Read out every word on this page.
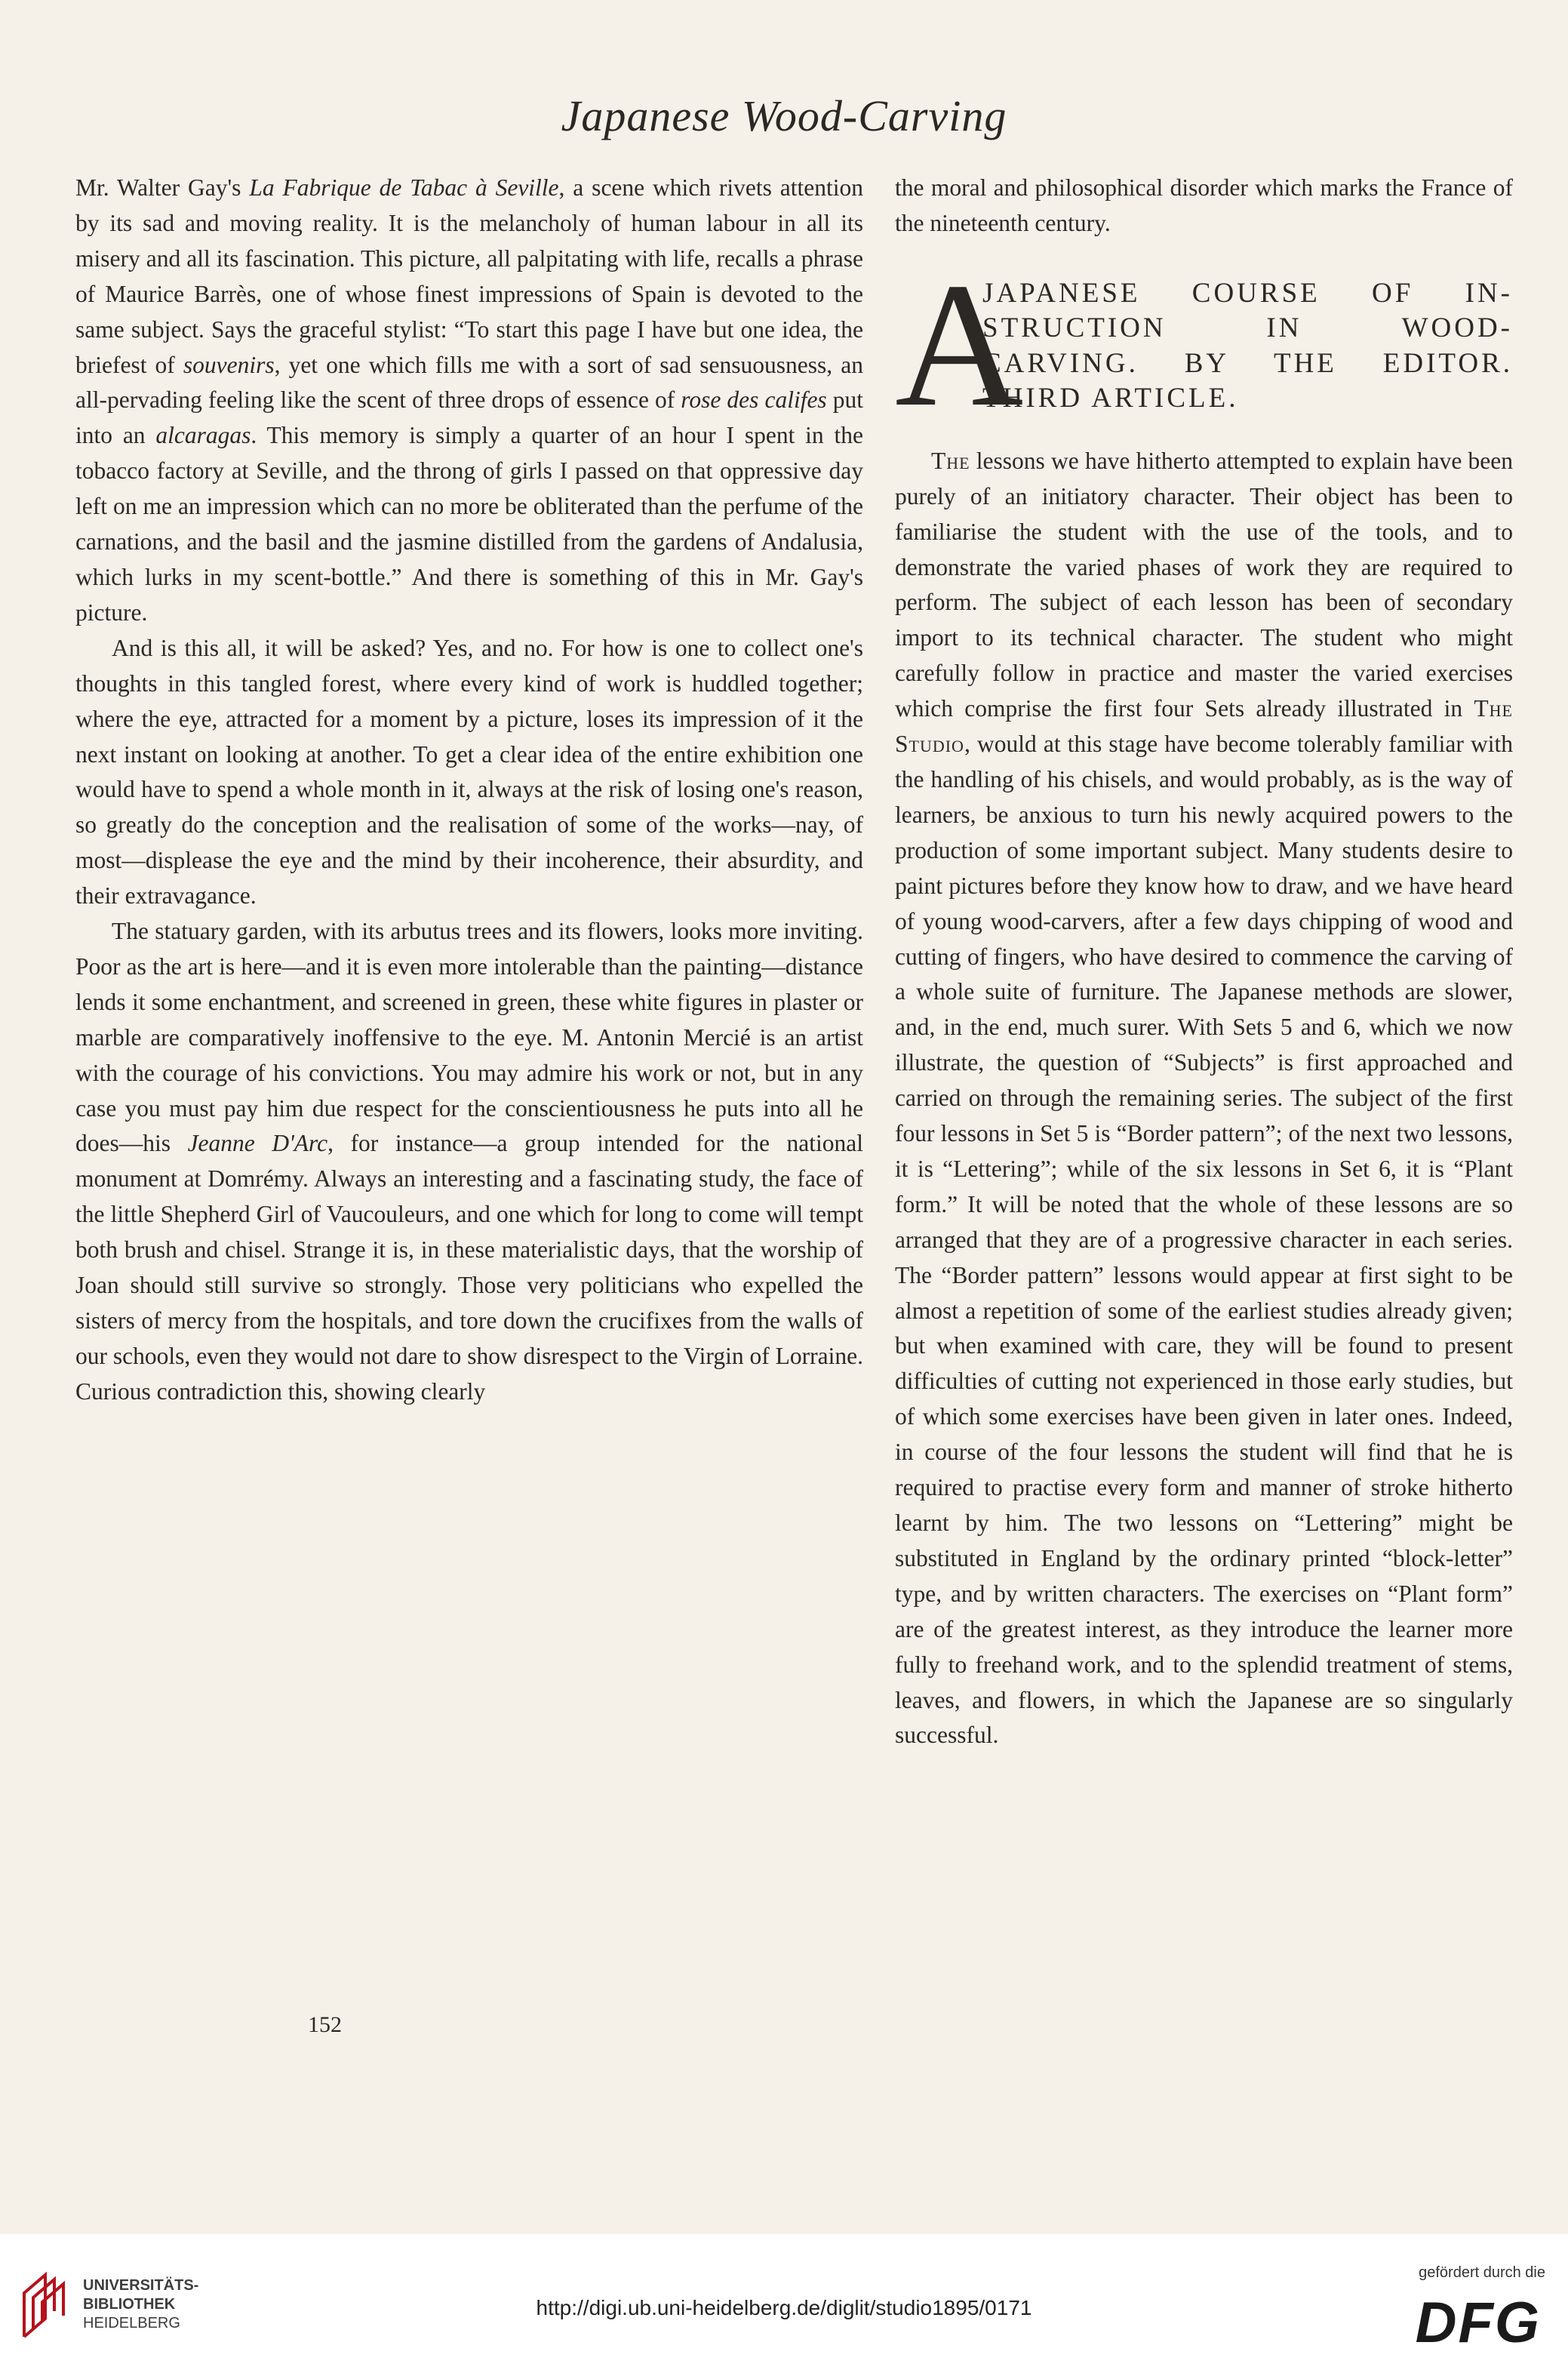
Japanese Wood-Carving

Mr. Walter Gay's La Fabrique de Tabac à Seville, a scene which rivets attention by its sad and moving reality. It is the melancholy of human labour in all its misery and all its fascination. This picture, all palpitating with life, recalls a phrase of Maurice Barrès, one of whose finest impressions of Spain is devoted to the same subject. Says the graceful stylist: “To start this page I have but one idea, the briefest of souvenirs, yet one which fills me with a sort of sad sensuousness, an all-pervading feeling like the scent of three drops of essence of rose des califes put into an alcaragas. This memory is simply a quarter of an hour I spent in the tobacco factory at Seville, and the throng of girls I passed on that oppressive day left on me an impression which can no more be obliterated than the perfume of the carnations, and the basil and the jasmine distilled from the gardens of Andalusia, which lurks in my scent-bottle.” And there is something of this in Mr. Gay's picture.

And is this all, it will be asked? Yes, and no. For how is one to collect one's thoughts in this tangled forest, where every kind of work is huddled together; where the eye, attracted for a moment by a picture, loses its impression of it the next instant on looking at another. To get a clear idea of the entire exhibition one would have to spend a whole month in it, always at the risk of losing one's reason, so greatly do the conception and the realisation of some of the works—nay, of most—displease the eye and the mind by their incoherence, their absurdity, and their extravagance.

The statuary garden, with its arbutus trees and its flowers, looks more inviting. Poor as the art is here—and it is even more intolerable than the painting—distance lends it some enchantment, and screened in green, these white figures in plaster or marble are comparatively inoffensive to the eye. M. Antonin Mercié is an artist with the courage of his convictions. You may admire his work or not, but in any case you must pay him due respect for the conscientiousness he puts into all he does—his Jeanne D'Arc, for instance—a group intended for the national monument at Domrémy. Always an interesting and a fascinating study, the face of the little Shepherd Girl of Vaucouleurs, and one which for long to come will tempt both brush and chisel. Strange it is, in these materialistic days, that the worship of Joan should still survive so strongly. Those very politicians who expelled the sisters of mercy from the hospitals, and tore down the crucifixes from the walls of our schools, even they would not dare to show disrespect to the Virgin of Lorraine. Curious contradiction this, showing clearly

the moral and philosophical disorder which marks the France of the nineteenth century.

A
JAPANESE COURSE OF IN-
STRUCTION IN WOOD-
CARVING. BY THE EDITOR.
THIRD ARTICLE.

The lessons we have hitherto attempted to explain have been purely of an initiatory character. Their object has been to familiarise the student with the use of the tools, and to demonstrate the varied phases of work they are required to perform. The subject of each lesson has been of secondary import to its technical character. The student who might carefully follow in practice and master the varied exercises which comprise the first four Sets already illustrated in The Studio, would at this stage have become tolerably familiar with the handling of his chisels, and would probably, as is the way of learners, be anxious to turn his newly acquired powers to the production of some important subject. Many students desire to paint pictures before they know how to draw, and we have heard of young wood-carvers, after a few days chipping of wood and cutting of fingers, who have desired to commence the carving of a whole suite of furniture. The Japanese methods are slower, and, in the end, much surer. With Sets 5 and 6, which we now illustrate, the question of “Subjects” is first approached and carried on through the remaining series. The subject of the first four lessons in Set 5 is “Border pattern”; of the next two lessons, it is “Lettering”; while of the six lessons in Set 6, it is “Plant form.” It will be noted that the whole of these lessons are so arranged that they are of a progressive character in each series. The “Border pattern” lessons would appear at first sight to be almost a repetition of some of the earliest studies already given; but when examined with care, they will be found to present difficulties of cutting not experienced in those early studies, but of which some exercises have been given in later ones. Indeed, in course of the four lessons the student will find that he is required to practise every form and manner of stroke hitherto learnt by him. The two lessons on “Lettering” might be substituted in England by the ordinary printed “block-letter” type, and by written characters. The exercises on “Plant form” are of the greatest interest, as they introduce the learner more fully to freehand work, and to the splendid treatment of stems, leaves, and flowers, in which the Japanese are so singularly successful.

152
UNIVERSITÄTS-
BIBLIOTHEK
HEIDELBERG
http://digi.ub.uni-heidelberg.de/diglit/studio1895/0171
gefördert durch die
DFG
